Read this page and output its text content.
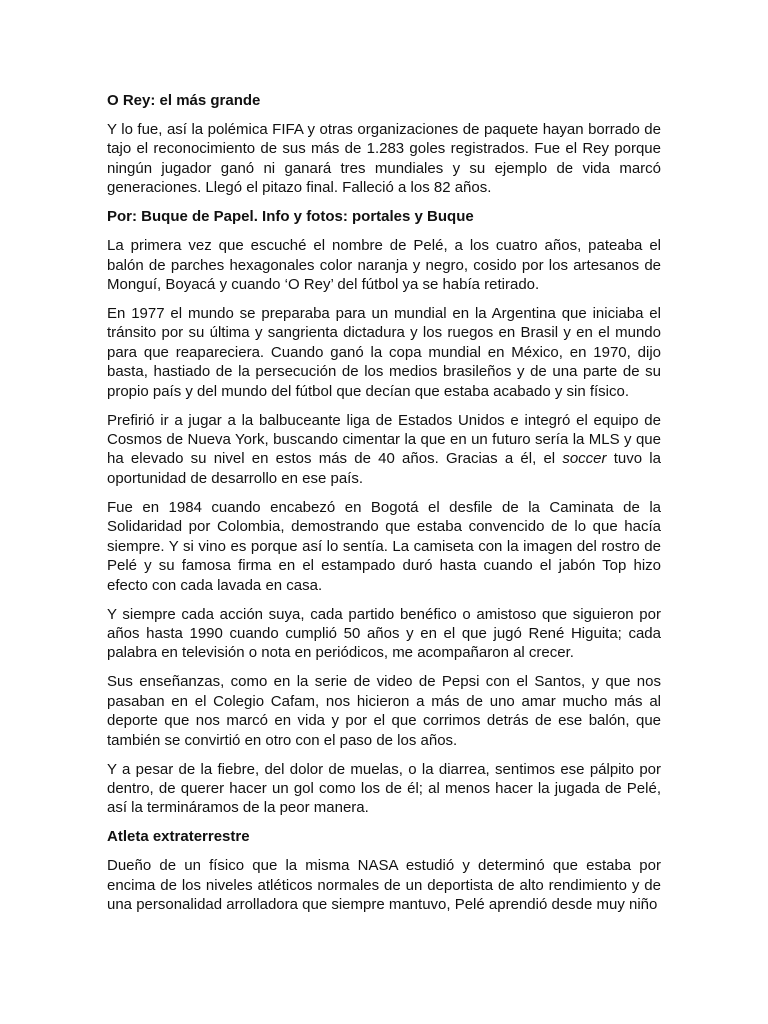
O Rey: el más grande

Y lo fue, así la polémica FIFA y otras organizaciones de paquete hayan borrado de tajo el reconocimiento de sus más de 1.283 goles registrados. Fue el Rey porque ningún jugador ganó ni ganará tres mundiales y su ejemplo de vida marcó generaciones. Llegó el pitazo final. Falleció a los 82 años.

Por: Buque de Papel. Info y fotos: portales y Buque

La primera vez que escuché el nombre de Pelé, a los cuatro años, pateaba el balón de parches hexagonales color naranja y negro, cosido por los artesanos de Monguí, Boyacá y cuando ‘O Rey’ del fútbol ya se había retirado.

En 1977 el mundo se preparaba para un mundial en la Argentina que iniciaba el tránsito por su última y sangrienta dictadura y los ruegos en Brasil y en el mundo para que reapareciera. Cuando ganó la copa mundial en México, en 1970, dijo basta, hastiado de la persecución de los medios brasileños y de una parte de su propio país y del mundo del fútbol que decían que estaba acabado y sin físico.

Prefirió ir a jugar a la balbuceante liga de Estados Unidos e integró el equipo de Cosmos de Nueva York, buscando cimentar la que en un futuro sería la MLS y que ha elevado su nivel en estos más de 40 años. Gracias a él, el soccer tuvo la oportunidad de desarrollo en ese país.

Fue en 1984 cuando encabezó en Bogotá el desfile de la Caminata de la Solidaridad por Colombia, demostrando que estaba convencido de lo que hacía siempre. Y si vino es porque así lo sentía. La camiseta con la imagen del rostro de Pelé y su famosa firma en el estampado duró hasta cuando el jabón Top hizo efecto con cada lavada en casa.

Y siempre cada acción suya, cada partido benéfico o amistoso que siguieron por años hasta 1990 cuando cumplió 50 años y en el que jugó René Higuita; cada palabra en televisión o nota en periódicos, me acompañaron al crecer.

Sus enseñanzas, como en la serie de video de Pepsi con el Santos, y que nos pasaban en el Colegio Cafam, nos hicieron a más de uno amar mucho más al deporte que nos marcó en vida y por el que corrimos detrás de ese balón, que también se convirtió en otro con el paso de los años.

Y a pesar de la fiebre, del dolor de muelas, o la diarrea, sentimos ese pálpito por dentro, de querer hacer un gol como los de él; al menos hacer la jugada de Pelé, así la termináramos de la peor manera.

Atleta extraterrestre

Dueño de un físico que la misma NASA estudió y determinó que estaba por encima de los niveles atléticos normales de un deportista de alto rendimiento y de una personalidad arrolladora que siempre mantuvo, Pelé aprendió desde muy niño
